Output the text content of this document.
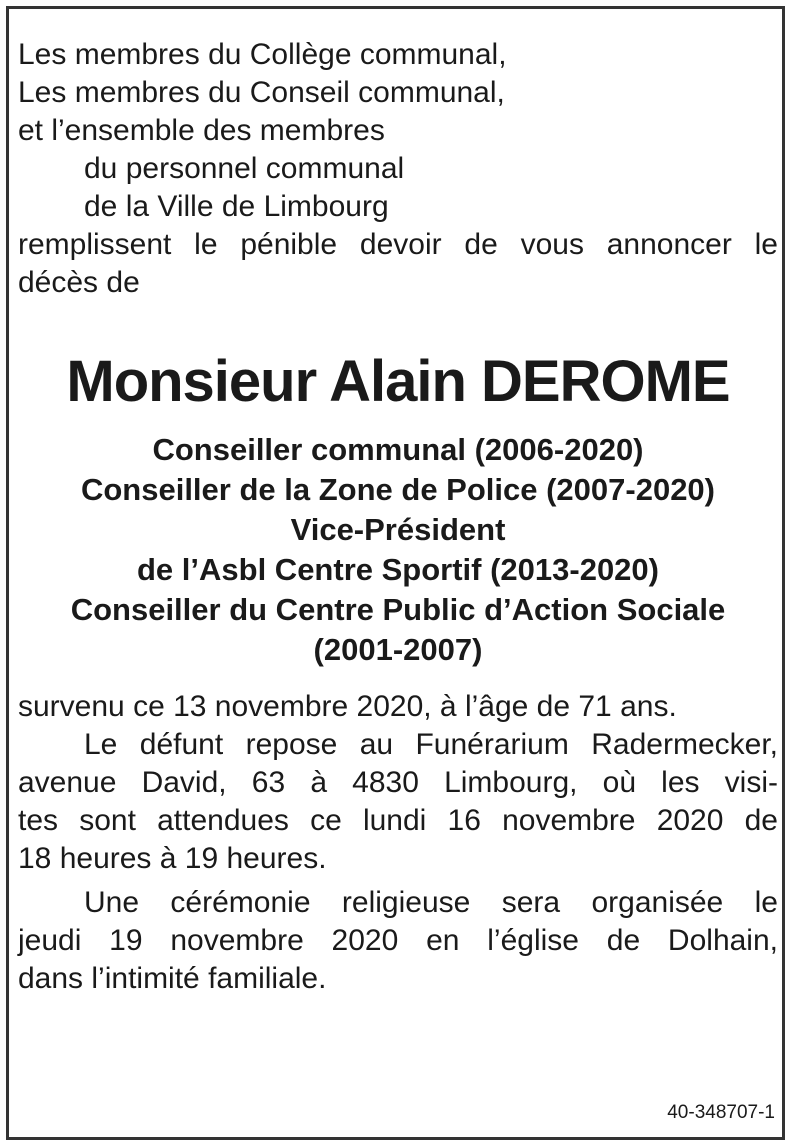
Les membres du Collège communal,
Les membres du Conseil communal,
et l’ensemble des membres
du personnel communal
de la Ville de Limbourg
remplissent le pénible devoir de vous annoncer le
décès de
Monsieur Alain DEROME
Conseiller communal (2006-2020)
Conseiller de la Zone de Police (2007-2020)
Vice-Président
de l’Asbl Centre Sportif (2013-2020)
Conseiller du Centre Public d’Action Sociale
(2001-2007)
survenu ce 13 novembre 2020, à l’âge de 71 ans.
Le défunt repose au Funérarium Radermecker,
avenue David, 63 à 4830 Limbourg, où les visi-
tes sont attendues ce lundi 16 novembre 2020 de
18 heures à 19 heures.
Une cérémonie religieuse sera organisée le
jeudi 19 novembre 2020 en l’église de Dolhain,
dans l’intimité familiale.
40-348707-1
